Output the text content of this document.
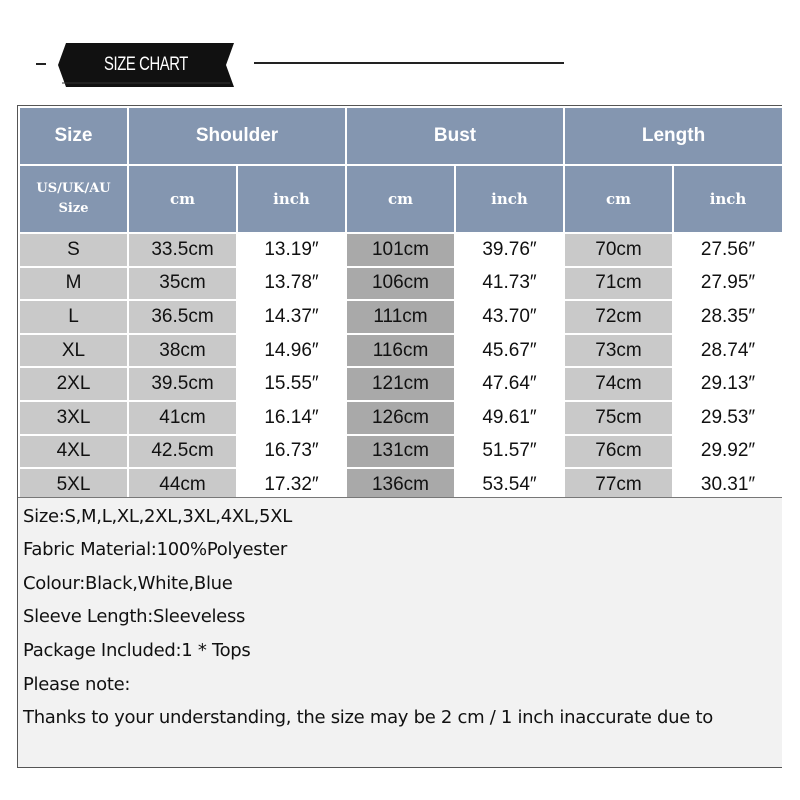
SIZE CHART
Size	Shoulder		Bust		Length	
US/UK/AU
Size	cm	inch	cm	inch	cm	inch
S	33.5cm	13.19″	101cm	39.76″	70cm	27.56″
M	35cm	13.78″	106cm	41.73″	71cm	27.95″
L	36.5cm	14.37″	111cm	43.70″	72cm	28.35″
XL	38cm	14.96″	116cm	45.67″	73cm	28.74″
2XL	39.5cm	15.55″	121cm	47.64″	74cm	29.13″
3XL	41cm	16.14″	126cm	49.61″	75cm	29.53″
4XL	42.5cm	16.73″	131cm	51.57″	76cm	29.92″
5XL	44cm	17.32″	136cm	53.54″	77cm	30.31″
Size:S,M,L,XL,2XL,3XL,4XL,5XL
Fabric Material:100%Polyester
Colour:Black,White,Blue
Sleeve Length:Sleeveless
Package Included:1 * Tops
Please note:
Thanks to your understanding, the size may be 2 cm / 1 inch inaccurate due to
